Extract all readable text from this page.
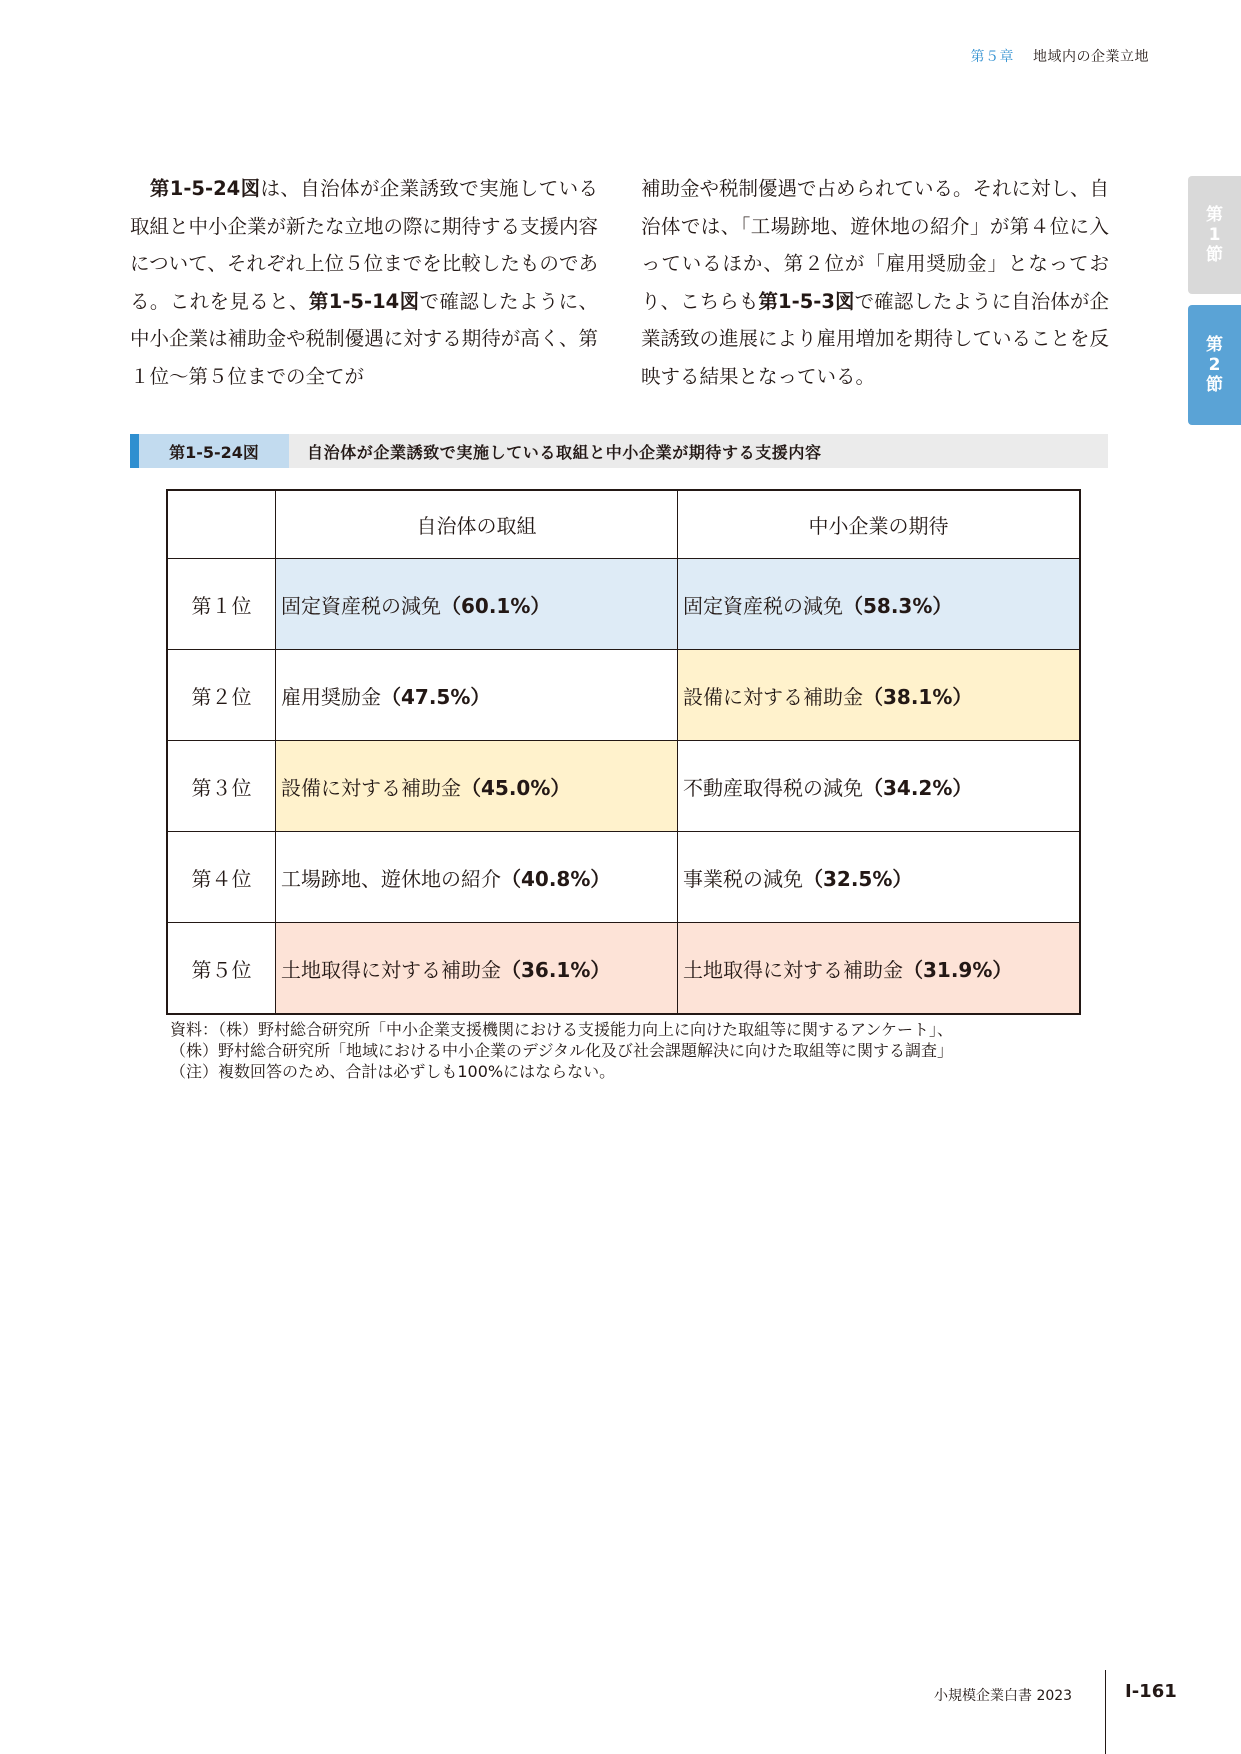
第５章 地域内の企業立地
第
1
節
第
2
節

　第1-5-24図は、自治体が企業誘致で実施している取組と中小企業が新たな立地の際に期待する支援内容について、それぞれ上位５位までを比較したものである。これを見ると、第1-5-14図で確認したように、中小企業は補助金や税制優遇に対する期待が高く、第１位〜第５位までの全てが

補助金や税制優遇で占められている。それに対し、自治体では、「工場跡地、遊休地の紹介」が第４位に入っているほか、第２位が「雇用奨励金」となっており、こちらも第1-5-3図で確認したように自治体が企業誘致の進展により雇用増加を期待していることを反映する結果となっている。

第1-5-24図	自治体が企業誘致で実施している取組と中小企業が期待する支援内容
	自治体の取組	中小企業の期待
第１位	固定資産税の減免（60.1%）	固定資産税の減免（58.3%）
第２位	雇用奨励金（47.5%）	設備に対する補助金（38.1%）
第３位	設備に対する補助金（45.0%）	不動産取得税の減免（34.2%）
第４位	工場跡地、遊休地の紹介（40.8%）	事業税の減免（32.5%）
第５位	土地取得に対する補助金（36.1%）	土地取得に対する補助金（31.9%）
資料：（株）野村総合研究所「中小企業支援機関における支援能力向上に向けた取組等に関するアンケート」、
（株）野村総合研究所「地域における中小企業のデジタル化及び社会課題解決に向けた取組等に関する調査」
（注）複数回答のため、合計は必ずしも100%にはならない。
小規模企業白書 2023	I-161
